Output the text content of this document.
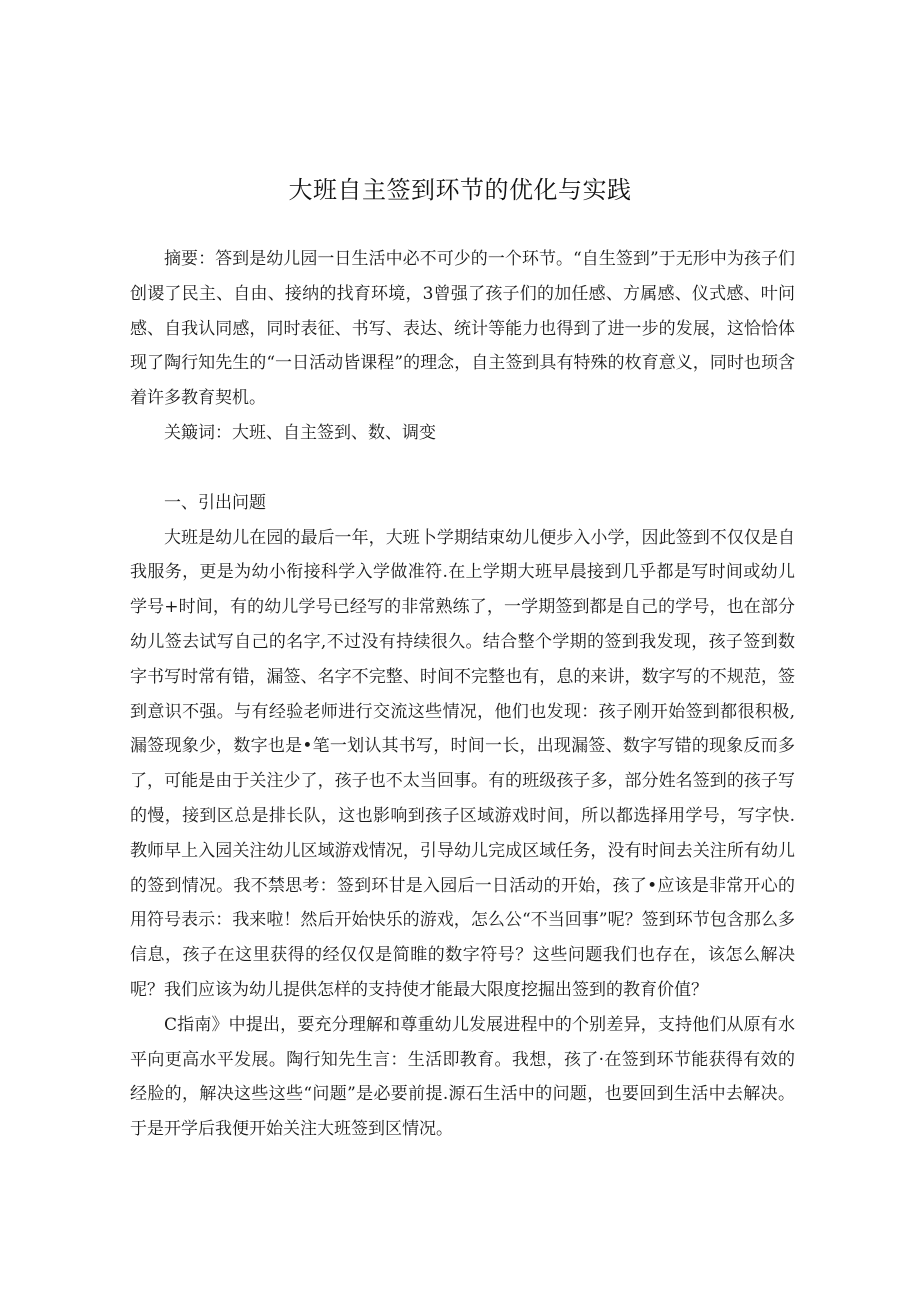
大班自主签到环节的优化与实践

摘要：答到是幼儿园一日生活中必不可少的一个环节。“自生签到”于无形中为孩子们创谡了民主、自由、接纳的找育环境，3曾强了孩子们的加任感、方属感、仪式感、叶问感、自我认同感，同时表征、书写、表达、统计等能力也得到了进一步的发展，这恰恰体现了陶行知先生的“一日活动皆课程”的理念，自主签到具有特殊的枚育意义，同时也顼含着许多教育契机。

关簸词：大班、自主签到、数、调变

一、引出问题

大班是幼儿在园的最后一年，大班卜学期结束幼儿便步入小学，因此签到不仅仅是自我服务，更是为幼小衔接科学入学做准符.在上学期大班早晨接到几乎都是写时间或幼儿学号+时间，有的幼儿学号已经写的非常熟练了，一学期签到都是自己的学号，也在部分幼儿签去试写自己的名字,不过没有持续很久。结合整个学期的签到我发现，孩子签到数字书写时常有错，漏签、名字不完整、时间不完整也有，息的来讲，数字写的不规范，签到意识不强。与有经验老师进行交流这些情况，他们也发现：孩子刚开始签到都很积极,漏签现象少，数字也是•笔一划认其书写，时间一长，出现漏签、数字写错的现象反而多了，可能是由于关注少了，孩子也不太当回事。有的班级孩子多，部分姓名签到的孩子写的慢，接到区总是排长队，这也影响到孩子区域游戏时间，所以都选择用学号，写字快.教师早上入园关注幼儿区域游戏情况，引导幼儿完成区域任务，没有时间去关注所有幼儿的签到情况。我不禁思考：签到环甘是入园后一日活动的开始，孩了•应该是非常开心的用符号表示：我来啦！然后开始快乐的游戏，怎么公“不当回事”呢？签到环节包含那么多信息，孩子在这里获得的经仅仅是简睢的数字符号？这些问题我们也存在，该怎么解决呢？我们应该为幼儿提供怎样的支持使才能最大限度挖掘出签到的教育价值？

C指南》中提出，要充分理解和尊重幼儿发展进程中的个别差异，支持他们从原有水平向更高水平发展。陶行知先生言：生活即教育。我想，孩了·在签到环节能获得有效的经脸的，解决这些这些“问题”是必要前提.源石生活中的问题，也要回到生活中去解决。于是开学后我便开始关注大班签到区情况。
